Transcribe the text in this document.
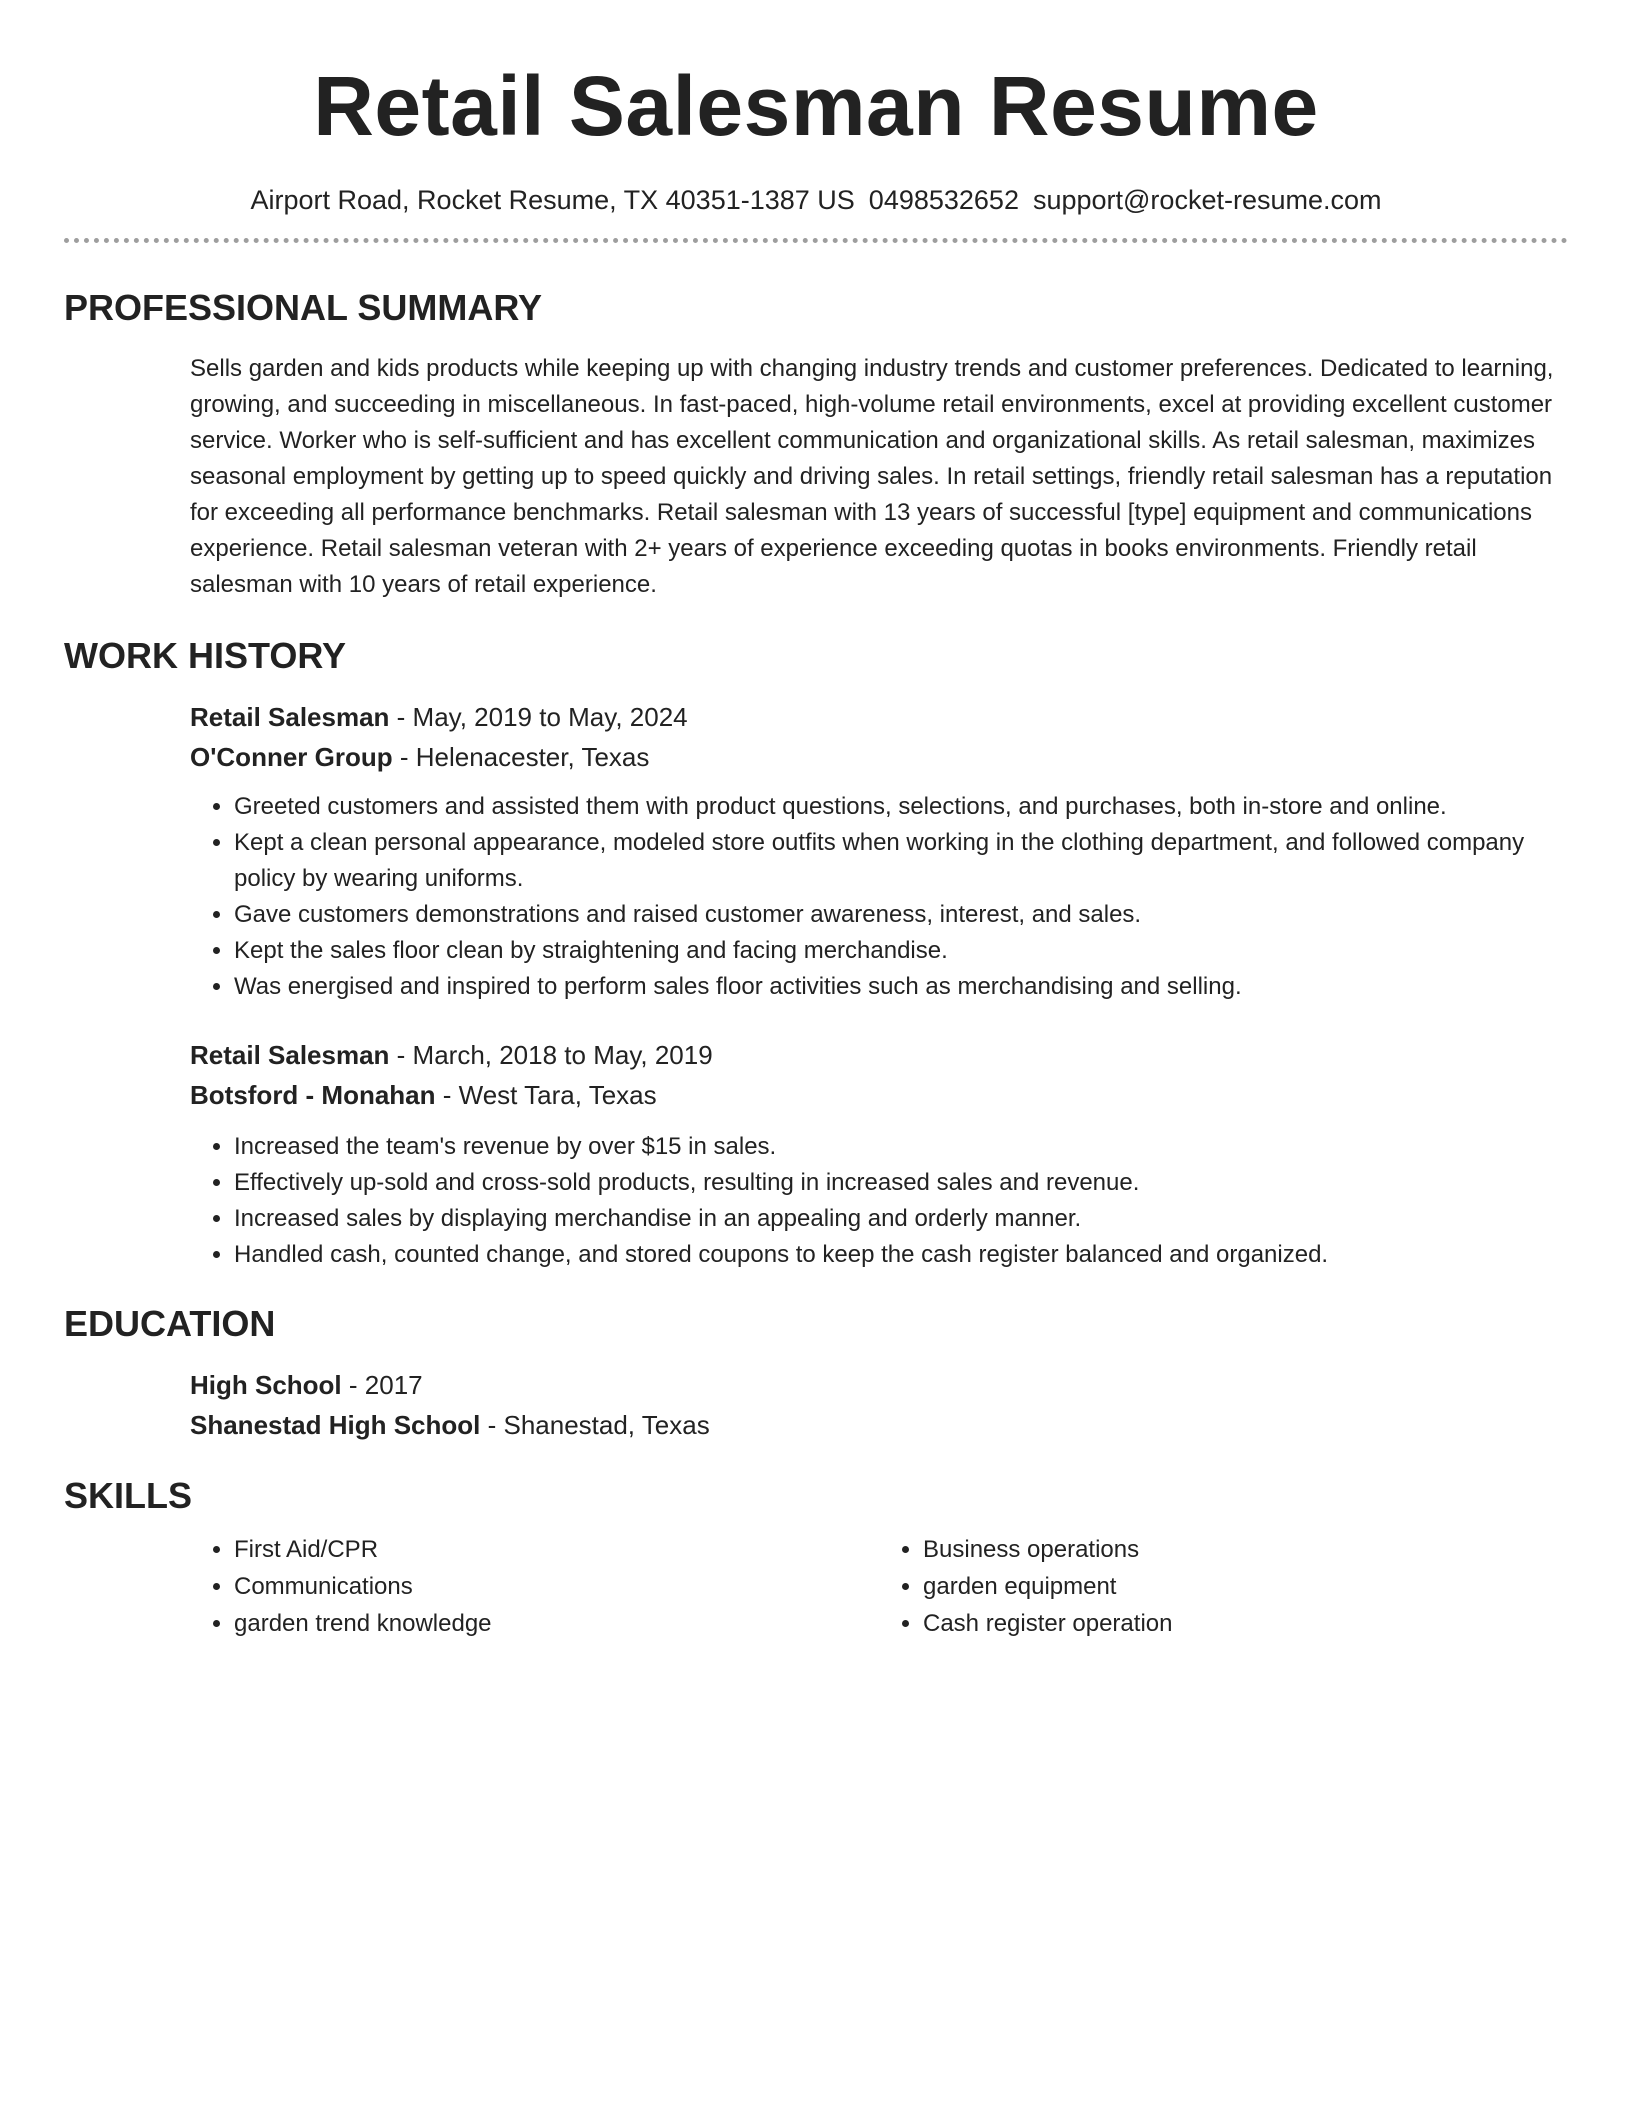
Retail Salesman Resume
Airport Road, Rocket Resume, TX 40351-1387 US 0498532652 support@rocket-resume.com
PROFESSIONAL SUMMARY

Sells garden and kids products while keeping up with changing industry trends and customer preferences. Dedicated to learning, growing, and succeeding in miscellaneous. In fast-paced, high-volume retail environments, excel at providing excellent customer service. Worker who is self-sufficient and has excellent communication and organizational skills. As retail salesman, maximizes seasonal employment by getting up to speed quickly and driving sales. In retail settings, friendly retail salesman has a reputation for exceeding all performance benchmarks. Retail salesman with 13 years of successful [type] equipment and communications experience. Retail salesman veteran with 2+ years of experience exceeding quotas in books environments. Friendly retail salesman with 10 years of retail experience.

WORK HISTORY

Retail Salesman - May, 2019 to May, 2024

O'Conner Group - Helenacester, Texas

• Greeted customers and assisted them with product questions, selections, and purchases, both in-store and online.
• Kept a clean personal appearance, modeled store outfits when working in the clothing department, and followed company policy by wearing uniforms.
• Gave customers demonstrations and raised customer awareness, interest, and sales.
• Kept the sales floor clean by straightening and facing merchandise.
• Was energised and inspired to perform sales floor activities such as merchandising and selling.

Retail Salesman - March, 2018 to May, 2019

Botsford - Monahan - West Tara, Texas

• Increased the team's revenue by over $15 in sales.
• Effectively up-sold and cross-sold products, resulting in increased sales and revenue.
• Increased sales by displaying merchandise in an appealing and orderly manner.
• Handled cash, counted change, and stored coupons to keep the cash register balanced and organized.
EDUCATION

High School - 2017

Shanestad High School - Shanestad, Texas

SKILLS
• First Aid/CPR
• Communications
• garden trend knowledge
• Business operations
• garden equipment
• Cash register operation
